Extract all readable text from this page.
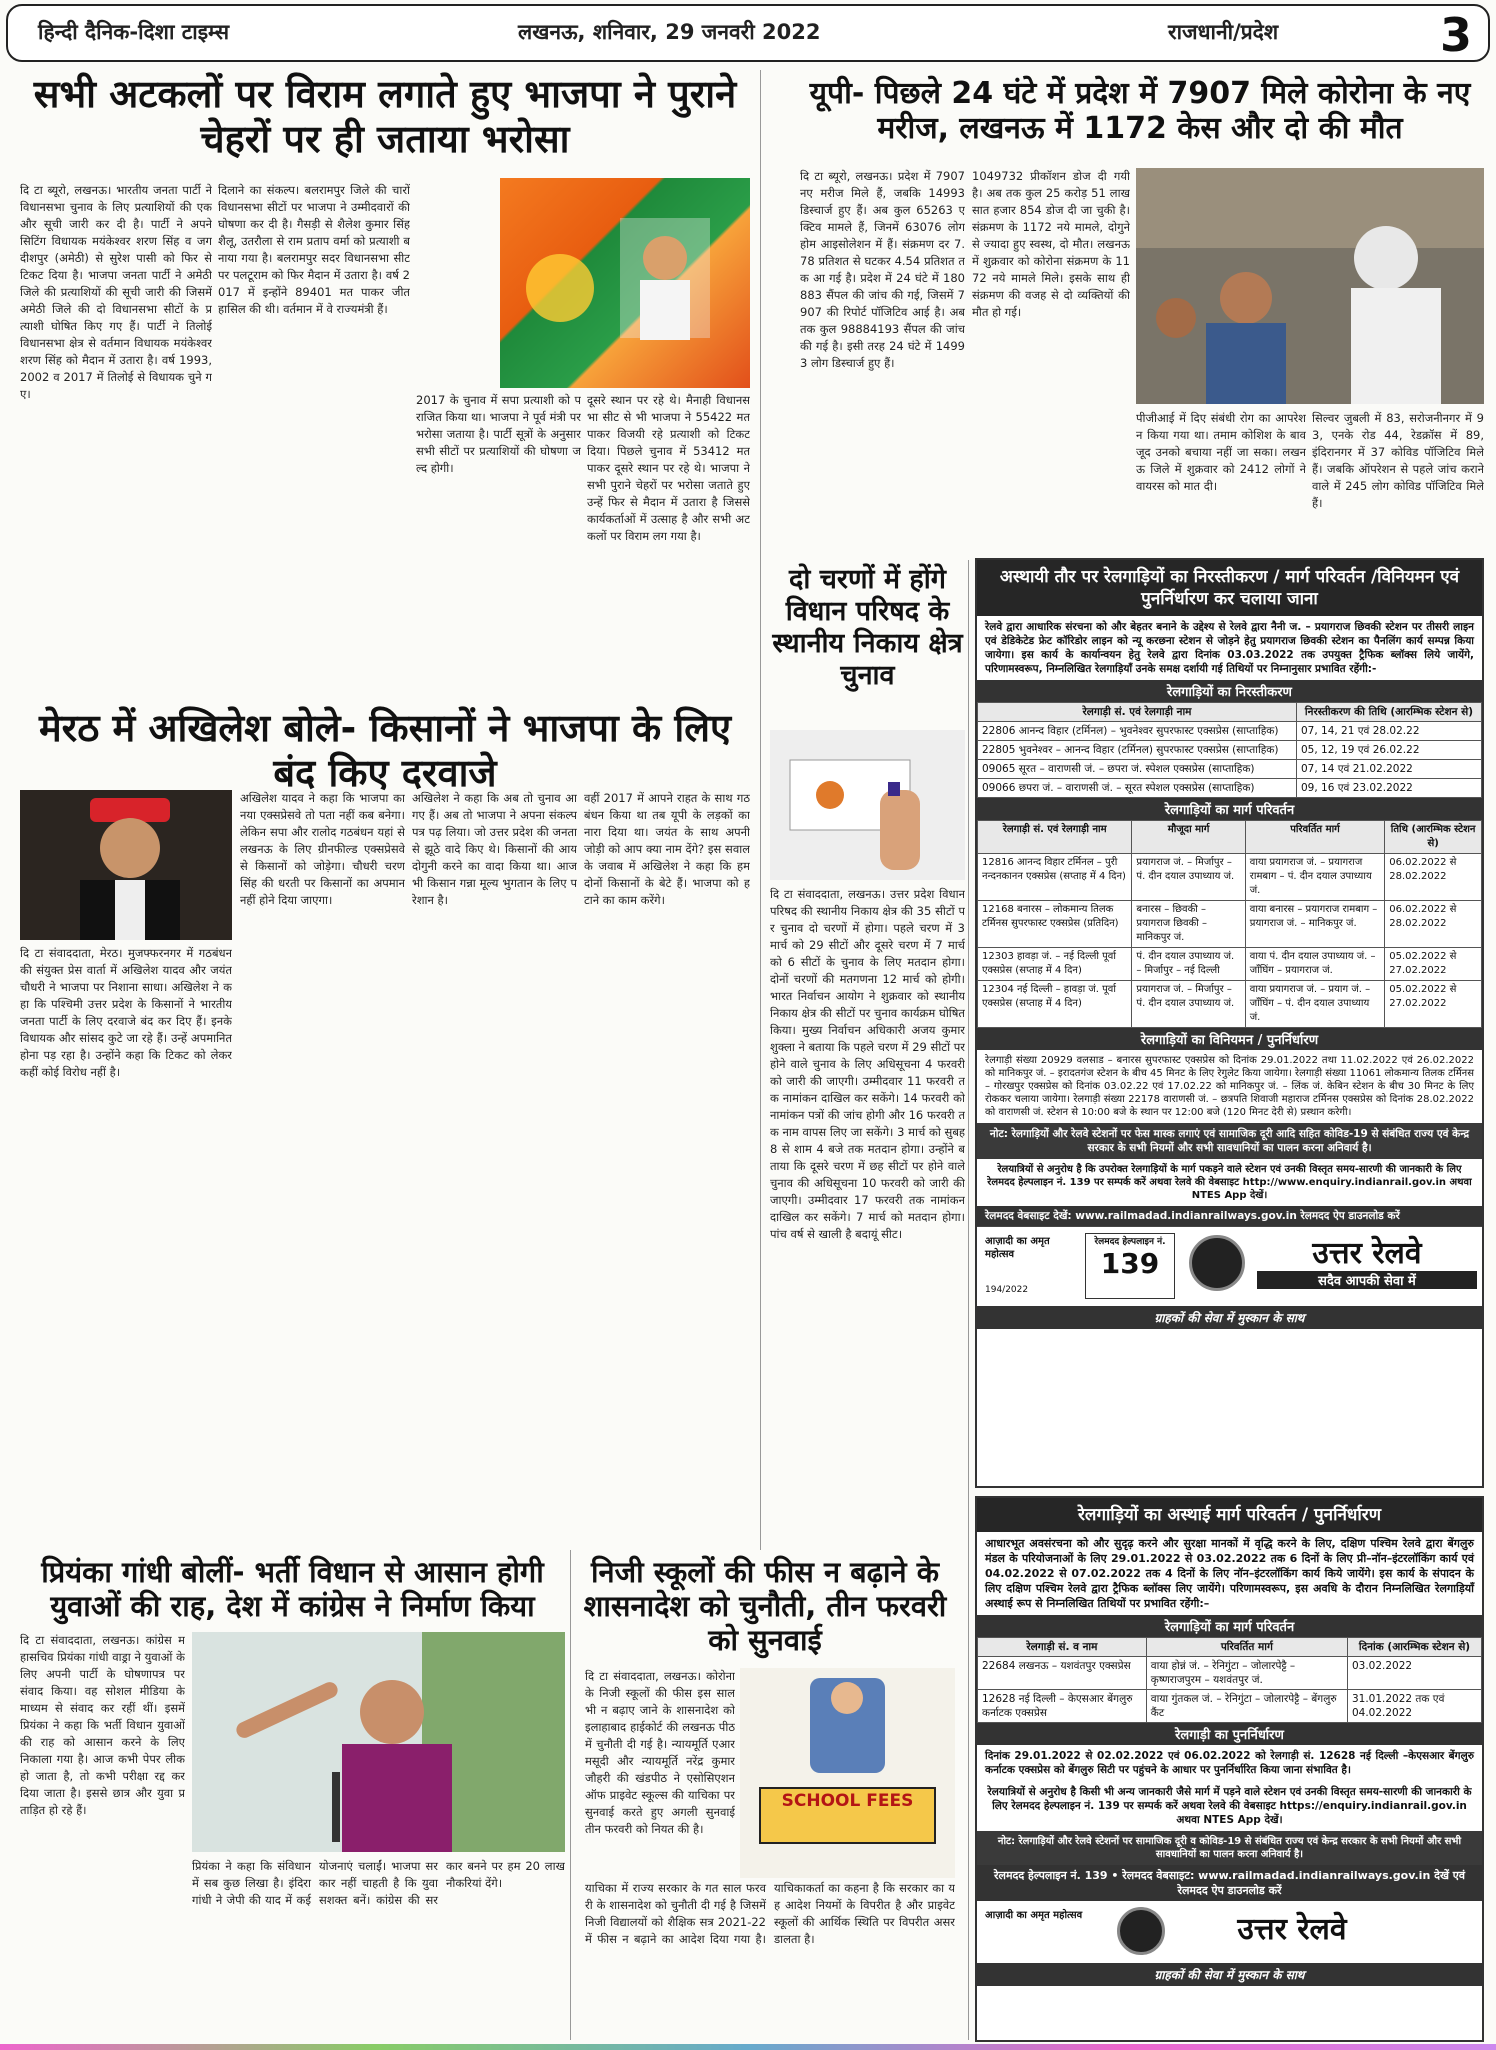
हिन्दी दैनिक-दिशा टाइम्स	लखनऊ, शनिवार, 29 जनवरी 2022	राजधानी/प्रदेश	3
सभी अटकलों पर विराम लगाते हुए भाजपा ने पुराने चेहरों पर ही जताया भरोसा
दि टा ब्यूरो, लखनऊ। भारतीय जनता पार्टी ने विधानसभा चुनाव के लिए प्रत्याशियों की एक और सूची जारी कर दी है। पार्टी ने अपने सिटिंग विधायक मयंकेश्वर शरण सिंह व जगदीशपुर (अमेठी) से सुरेश पासी को फिर से टिकट दिया है। भाजपा जनता पार्टी ने अमेठी जिले की प्रत्याशियों की सूची जारी की जिसमें अमेठी जिले की दो विधानसभा सीटों के प्रत्याशी घोषित किए गए हैं। पार्टी ने तिलोई विधानसभा क्षेत्र से वर्तमान विधायक मयंकेश्वर शरण सिंह को मैदान में उतारा है। वर्ष 1993, 2002 व 2017 में तिलोई से विधायक चुने गए।
दिलाने का संकल्प। बलरामपुर जिले की चारों विधानसभा सीटों पर भाजपा ने उम्मीदवारों की घोषणा कर दी है। गैसड़ी से शैलेश कुमार सिंह शैलू, उतरौला से राम प्रताप वर्मा को प्रत्याशी बनाया गया है। बलरामपुर सदर विधानसभा सीट पर पलटूराम को फिर मैदान में उतारा है। वर्ष 2017 में इन्होंने 89401 मत पाकर जीत हासिल की थी। वर्तमान में वे राज्यमंत्री हैं।
2017 के चुनाव में सपा प्रत्याशी को पराजित किया था। भाजपा ने पूर्व मंत्री पर भरोसा जताया है। पार्टी सूत्रों के अनुसार सभी सीटों पर प्रत्याशियों की घोषणा जल्द होगी।
दूसरे स्थान पर रहे थे। मैनाही विधानसभा सीट से भी भाजपा ने 55422 मत पाकर विजयी रहे प्रत्याशी को टिकट दिया। पिछले चुनाव में 53412 मत पाकर दूसरे स्थान पर रहे थे। भाजपा ने सभी पुराने चेहरों पर भरोसा जताते हुए उन्हें फिर से मैदान में उतारा है जिससे कार्यकर्ताओं में उत्साह है और सभी अटकलों पर विराम लग गया है।
मेरठ में अखिलेश बोले- किसानों ने भाजपा के लिए बंद किए दरवाजे
दि टा संवाददाता, मेरठ। मुजफ्फरनगर में गठबंधन की संयुक्त प्रेस वार्ता में अखिलेश यादव और जयंत चौधरी ने भाजपा पर निशाना साधा। अखिलेश ने कहा कि पश्चिमी उत्तर प्रदेश के किसानों ने भारतीय जनता पार्टी के लिए दरवाजे बंद कर दिए हैं। इनके विधायक और सांसद कुटे जा रहे हैं। उन्हें अपमानित होना पड़ रहा है। उन्होंने कहा कि टिकट को लेकर कहीं कोई विरोध नहीं है।
अखिलेश यादव ने कहा कि भाजपा का नया एक्सप्रेसवे तो पता नहीं कब बनेगा। लेकिन सपा और रालोद गठबंधन यहां से लखनऊ के लिए ग्रीनफील्ड एक्सप्रेसवे से किसानों को जोड़ेगा। चौधरी चरण सिंह की धरती पर किसानों का अपमान नहीं होने दिया जाएगा।
अखिलेश ने कहा कि अब तो चुनाव आ गए हैं। अब तो भाजपा ने अपना संकल्प पत्र पढ़ लिया। जो उत्तर प्रदेश की जनता से झूठे वादे किए थे। किसानों की आय दोगुनी करने का वादा किया था। आज भी किसान गन्ना मूल्य भुगतान के लिए परेशान है।
वहीं 2017 में आपने राहत के साथ गठबंधन किया था तब यूपी के लड़कों का नारा दिया था। जयंत के साथ अपनी जोड़ी को आप क्या नाम देंगे? इस सवाल के जवाब में अखिलेश ने कहा कि हम दोनों किसानों के बेटे हैं। भाजपा को हटाने का काम करेंगे।
यूपी- पिछले 24 घंटे में प्रदेश में 7907 मिले कोरोना के नए मरीज, लखनऊ में 1172 केस और दो की मौत
दि टा ब्यूरो, लखनऊ। प्रदेश में 7907 नए मरीज मिले हैं, जबकि 14993 डिस्चार्ज हुए हैं। अब कुल 65263 एक्टिव मामले हैं, जिनमें 63076 लोग होम आइसोलेशन में हैं। संक्रमण दर 7.78 प्रतिशत से घटकर 4.54 प्रतिशत तक आ गई है। प्रदेश में 24 घंटे में 180883 सैंपल की जांच की गई, जिसमें 7907 की रिपोर्ट पॉजिटिव आई है। अब तक कुल 98884193 सैंपल की जांच की गई है। इसी तरह 24 घंटे में 14993 लोग डिस्चार्ज हुए हैं।
1049732 प्रीकॉशन डोज दी गयी है। अब तक कुल 25 करोड़ 51 लाख सात हजार 854 डोज दी जा चुकी है। संक्रमण के 1172 नये मामले, दोगुने से ज्यादा हुए स्वस्थ, दो मौत। लखनऊ में शुक्रवार को कोरोना संक्रमण के 1172 नये मामले मिले। इसके साथ ही संक्रमण की वजह से दो व्यक्तियों की मौत हो गई।
पीजीआई में दिए संबंधी रोग का आपरेशन किया गया था। तमाम कोशिश के बावजूद उनको बचाया नहीं जा सका। लखनऊ जिले में शुक्रवार को 2412 लोगों ने वायरस को मात दी।
सिल्वर जुबली में 83, सरोजनीनगर में 93, एनके रोड 44, रेडक्रॉस में 89, इंदिरानगर में 37 कोविड पॉजिटिव मिले हैं। जबकि ऑपरेशन से पहले जांच कराने वाले में 245 लोग कोविड पॉजिटिव मिले हैं।
दो चरणों में होंगे विधान परिषद के स्थानीय निकाय क्षेत्र चुनाव
दि टा संवाददाता, लखनऊ। उत्तर प्रदेश विधान परिषद की स्थानीय निकाय क्षेत्र की 35 सीटों पर चुनाव दो चरणों में होगा। पहले चरण में 3 मार्च को 29 सीटों और दूसरे चरण में 7 मार्च को 6 सीटों के चुनाव के लिए मतदान होगा। दोनों चरणों की मतगणना 12 मार्च को होगी। भारत निर्वाचन आयोग ने शुक्रवार को स्थानीय निकाय क्षेत्र की सीटों पर चुनाव कार्यक्रम घोषित किया। मुख्य निर्वाचन अधिकारी अजय कुमार शुक्ला ने बताया कि पहले चरण में 29 सीटों पर होने वाले चुनाव के लिए अधिसूचना 4 फरवरी को जारी की जाएगी। उम्मीदवार 11 फरवरी तक नामांकन दाखिल कर सकेंगे। 14 फरवरी को नामांकन पत्रों की जांच होगी और 16 फरवरी तक नाम वापस लिए जा सकेंगे। 3 मार्च को सुबह 8 से शाम 4 बजे तक मतदान होगा। उन्होंने बताया कि दूसरे चरण में छह सीटों पर होने वाले चुनाव की अधिसूचना 10 फरवरी को जारी की जाएगी। उम्मीदवार 17 फरवरी तक नामांकन दाखिल कर सकेंगे। 7 मार्च को मतदान होगा। पांच वर्ष से खाली है बदायूं सीट।
प्रियंका गांधी बोलीं- भर्ती विधान से आसान होगी युवाओं की राह, देश में कांग्रेस ने निर्माण किया
दि टा संवाददाता, लखनऊ। कांग्रेस महासचिव प्रियंका गांधी वाड्रा ने युवाओं के लिए अपनी पार्टी के घोषणापत्र पर संवाद किया। वह सोशल मीडिया के माध्यम से संवाद कर रहीं थीं। इसमें प्रियंका ने कहा कि भर्ती विधान युवाओं की राह को आसान करने के लिए निकाला गया है। आज कभी पेपर लीक हो जाता है, तो कभी परीक्षा रद्द कर दिया जाता है। इससे छात्र और युवा प्रताड़ित हो रहे हैं।
प्रियंका ने कहा कि संविधान में सब कुछ लिखा है। इंदिरा गांधी ने जेपी की याद में कई योजनाएं चलाईं। भाजपा सरकार नहीं चाहती है कि युवा सशक्त बनें। कांग्रेस की सरकार बनने पर हम 20 लाख नौकरियां देंगे।
निजी स्कूलों की फीस न बढ़ाने के शासनादेश को चुनौती, तीन फरवरी को सुनवाई
दि टा संवाददाता, लखनऊ। कोरोना के निजी स्कूलों की फीस इस साल भी न बढ़ाए जाने के शासनादेश को इलाहाबाद हाईकोर्ट की लखनऊ पीठ में चुनौती दी गई है। न्यायमूर्ति एआर मसूदी और न्यायमूर्ति नरेंद्र कुमार जौहरी की खंडपीठ ने एसोसिएशन ऑफ प्राइवेट स्कूल्स की याचिका पर सुनवाई करते हुए अगली सुनवाई तीन फरवरी को नियत की है।
SCHOOL FEES
याचिका में राज्य सरकार के गत साल फरवरी के शासनादेश को चुनौती दी गई है जिसमें निजी विद्यालयों को शैक्षिक सत्र 2021-22 में फीस न बढ़ाने का आदेश दिया गया है। याचिकाकर्ता का कहना है कि सरकार का यह आदेश नियमों के विपरीत है और प्राइवेट स्कूलों की आर्थिक स्थिति पर विपरीत असर डालता है।
अस्थायी तौर पर रेलगाड़ियों का निरस्तीकरण / मार्ग परिवर्तन /विनियमन एवं पुनर्निर्धारण कर चलाया जाना
रेलवे द्वारा आधारिक संरचना को और बेहतर बनाने के उद्देश्य से रेलवे द्वारा नैनी ज. – प्रयागराज छिवकी स्टेशन पर तीसरी लाइन एवं डेडिकेटेड फ्रेट कॉरिडोर लाइन को न्यू करछना स्टेशन से जोड़ने हेतु प्रयागराज छिवकी स्टेशन का पैनलिंग कार्य सम्पन्न किया जायेगा। इस कार्य के कार्यान्वयन हेतु रेलवे द्वारा दिनांक 03.03.2022 तक उपयुक्त ट्रैफिक ब्लॉक्स लिये जायेंगे, परिणामस्वरूप, निम्नलिखित रेलगाड़ियाँ उनके समक्ष दर्शायी गई तिथियों पर निम्नानुसार प्रभावित रहेंगी:-
रेलगाड़ियों का निरस्तीकरण
रेलगाड़ी सं. एवं रेलगाड़ी नाम	निरस्तीकरण की तिथि (आरम्भिक स्टेशन से)
22806 आनन्द विहार (टर्मिनल) – भुवनेश्वर सुपरफास्ट एक्सप्रेस (साप्ताहिक)	07, 14, 21 एवं 28.02.22
22805 भुवनेश्वर – आनन्द विहार (टर्मिनल) सुपरफास्ट एक्सप्रेस (साप्ताहिक)	05, 12, 19 एवं 26.02.22
09065 सूरत – वाराणसी जं. – छपरा जं. स्पेशल एक्सप्रेस (साप्ताहिक)	07, 14 एवं 21.02.2022
09066 छपरा जं. – वाराणसी जं. – सूरत स्पेशल एक्सप्रेस (साप्ताहिक)	09, 16 एवं 23.02.2022
रेलगाड़ियों का मार्ग परिवर्तन
रेलगाड़ी सं. एवं रेलगाड़ी नाम	मौजूदा मार्ग	परिवर्तित मार्ग	तिथि (आरम्भिक स्टेशन से)
12816 आनन्द विहार टर्मिनल – पुरी नन्दनकानन एक्सप्रेस (सप्ताह में 4 दिन)	प्रयागराज जं. – मिर्जापुर – पं. दीन दयाल उपाध्याय जं.	वाया प्रयागराज जं. – प्रयागराज रामबाग – पं. दीन दयाल उपाध्याय जं.	06.02.2022 से 28.02.2022
12168 बनारस – लोकमान्य तिलक टर्मिनस सुपरफास्ट एक्सप्रेस (प्रतिदिन)	बनारस – छिवकी – प्रयागराज छिवकी – मानिकपुर जं.	वाया बनारस – प्रयागराज रामबाग – प्रयागराज जं. – मानिकपुर जं.	06.02.2022 से 28.02.2022
12303 हावड़ा जं. – नई दिल्ली पूर्वा एक्सप्रेस (सप्ताह में 4 दिन)	पं. दीन दयाल उपाध्याय जं. – मिर्जापुर – नई दिल्ली	वाया पं. दीन दयाल उपाध्याय जं. – जाँघिंग – प्रयागराज जं.	05.02.2022 से 27.02.2022
12304 नई दिल्ली – हावड़ा जं. पूर्वा एक्सप्रेस (सप्ताह में 4 दिन)	प्रयागराज जं. – मिर्जापुर – पं. दीन दयाल उपाध्याय जं.	वाया प्रयागराज जं. – प्रयाग जं. – जाँघिंग – पं. दीन दयाल उपाध्याय जं.	05.02.2022 से 27.02.2022
रेलगाड़ियों का विनियमन / पुनर्निर्धारण
रेलगाड़ी संख्या 20929 वलसाड – बनारस सुपरफास्ट एक्सप्रेस को दिनांक 29.01.2022 तथा 11.02.2022 एवं 26.02.2022 को मानिकपुर जं. – इरादतगंज स्टेशन के बीच 45 मिनट के लिए रेगुलेट किया जायेगा। रेलगाड़ी संख्या 11061 लोकमान्य तिलक टर्मिनस – गोरखपुर एक्सप्रेस को दिनांक 03.02.22 एवं 17.02.22 को मानिकपुर जं. – लिंक जं. केबिन स्टेशन के बीच 30 मिनट के लिए रोककर चलाया जायेगा। रेलगाड़ी संख्या 22178 वाराणसी जं. – छत्रपति शिवाजी महाराज टर्मिनस एक्सप्रेस को दिनांक 28.02.2022 को वाराणसी जं. स्टेशन से 10:00 बजे के स्थान पर 12:00 बजे (120 मिनट देरी से) प्रस्थान करेगी।
नोट: रेलगाड़ियों और रेलवे स्टेशनों पर फेस मास्क लगाएं एवं सामाजिक दूरी आदि सहित कोविड-19 से संबंधित राज्य एवं केन्द्र सरकार के सभी नियमों और सभी सावधानियों का पालन करना अनिवार्य है।
रेलयात्रियों से अनुरोध है कि उपरोक्त रेलगाड़ियों के मार्ग पकड़ने वाले स्टेशन एवं उनकी विस्तृत समय-सारणी की जानकारी के लिए रेलमदद हेल्पलाइन नं. 139 पर सम्पर्क करें अथवा रेलवे की वेबसाइट http://www.enquiry.indianrail.gov.in अथवा NTES App देखें।
रेलमदद वेबसाइट देखें: www.railmadad.indianrailways.gov.in रेलमदद ऐप डाउनलोड करें
आज़ादी का अमृत महोत्सव
194/2022
रेलमदद हेल्पलाइन नं.
139	उत्तर रेलवे
सदैव आपकी सेवा में
ग्राहकों की सेवा में मुस्कान के साथ
रेलगाड़ियों का अस्थाई मार्ग परिवर्तन / पुनर्निर्धारण
आधारभूत अवसंरचना को और सुदृढ़ करने और सुरक्षा मानकों में वृद्धि करने के लिए, दक्षिण पश्चिम रेलवे द्वारा बेंगलुरु मंडल के परियोजनाओं के लिए 29.01.2022 से 03.02.2022 तक 6 दिनों के लिए प्री–नॉन–इंटरलॉकिंग कार्य एवं 04.02.2022 से 07.02.2022 तक 4 दिनों के लिए नॉन–इंटरलॉकिंग कार्य किये जायेंगे। इस कार्य के संपादन के लिए दक्षिण पश्चिम रेलवे द्वारा ट्रैफिक ब्लॉक्स लिए जायेंगे। परिणामस्वरूप, इस अवधि के दौरान निम्नलिखित रेलगाड़ियाँ अस्थाई रूप से निम्नलिखित तिथियों पर प्रभावित रहेंगी:–
रेलगाड़ियों का मार्ग परिवर्तन
रेलगाड़ी सं. व नाम	परिवर्तित मार्ग	दिनांक (आरम्भिक स्टेशन से)
22684 लखनऊ – यशवंतपुर एक्सप्रेस	वाया होन्नं जं. – रेनिगुंटा – जोलारपेट्टै – कृष्णराजपुरम – यशवंतपुर जं.	03.02.2022
12628 नई दिल्ली – केएसआर बेंगलुरु कर्नाटक एक्सप्रेस	वाया गुंतकल जं. – रेनिगुंटा – जोलारपेट्टै – बेंगलुरु कैंट	31.01.2022 तक एवं 04.02.2022
रेलगाड़ी का पुनर्निर्धारण
दिनांक 29.01.2022 से 02.02.2022 एवं 06.02.2022 को रेलगाड़ी सं. 12628 नई दिल्ली –केएसआर बेंगलुरु कर्नाटक एक्सप्रेस को बेंगलुरु सिटी पर पहुंचने के आधार पर पुनर्निर्धारित किया जाना संभावित है।
रेलयात्रियों से अनुरोध है किसी भी अन्य जानकारी जैसे मार्ग में पड़ने वाले स्टेशन एवं उनकी विस्तृत समय-सारणी की जानकारी के लिए रेलमदद हेल्पलाइन नं. 139 पर सम्पर्क करें अथवा रेलवे की वेबसाइट https://enquiry.indianrail.gov.in अथवा NTES App देखें।
नोट: रेलगाड़ियों और रेलवे स्टेशनों पर सामाजिक दूरी व कोविड-19 से संबंधित राज्य एवं केन्द्र सरकार के सभी नियमों और सभी सावधानियों का पालन करना अनिवार्य है।
रेलमदद हेल्पलाइन नं. 139 • रेलमदद वेबसाइट: www.railmadad.indianrailways.gov.in देखें एवं रेलमदद ऐप डाउनलोड करें
आज़ादी का अमृत महोत्सव	उत्तर रेलवे
ग्राहकों की सेवा में मुस्कान के साथ
